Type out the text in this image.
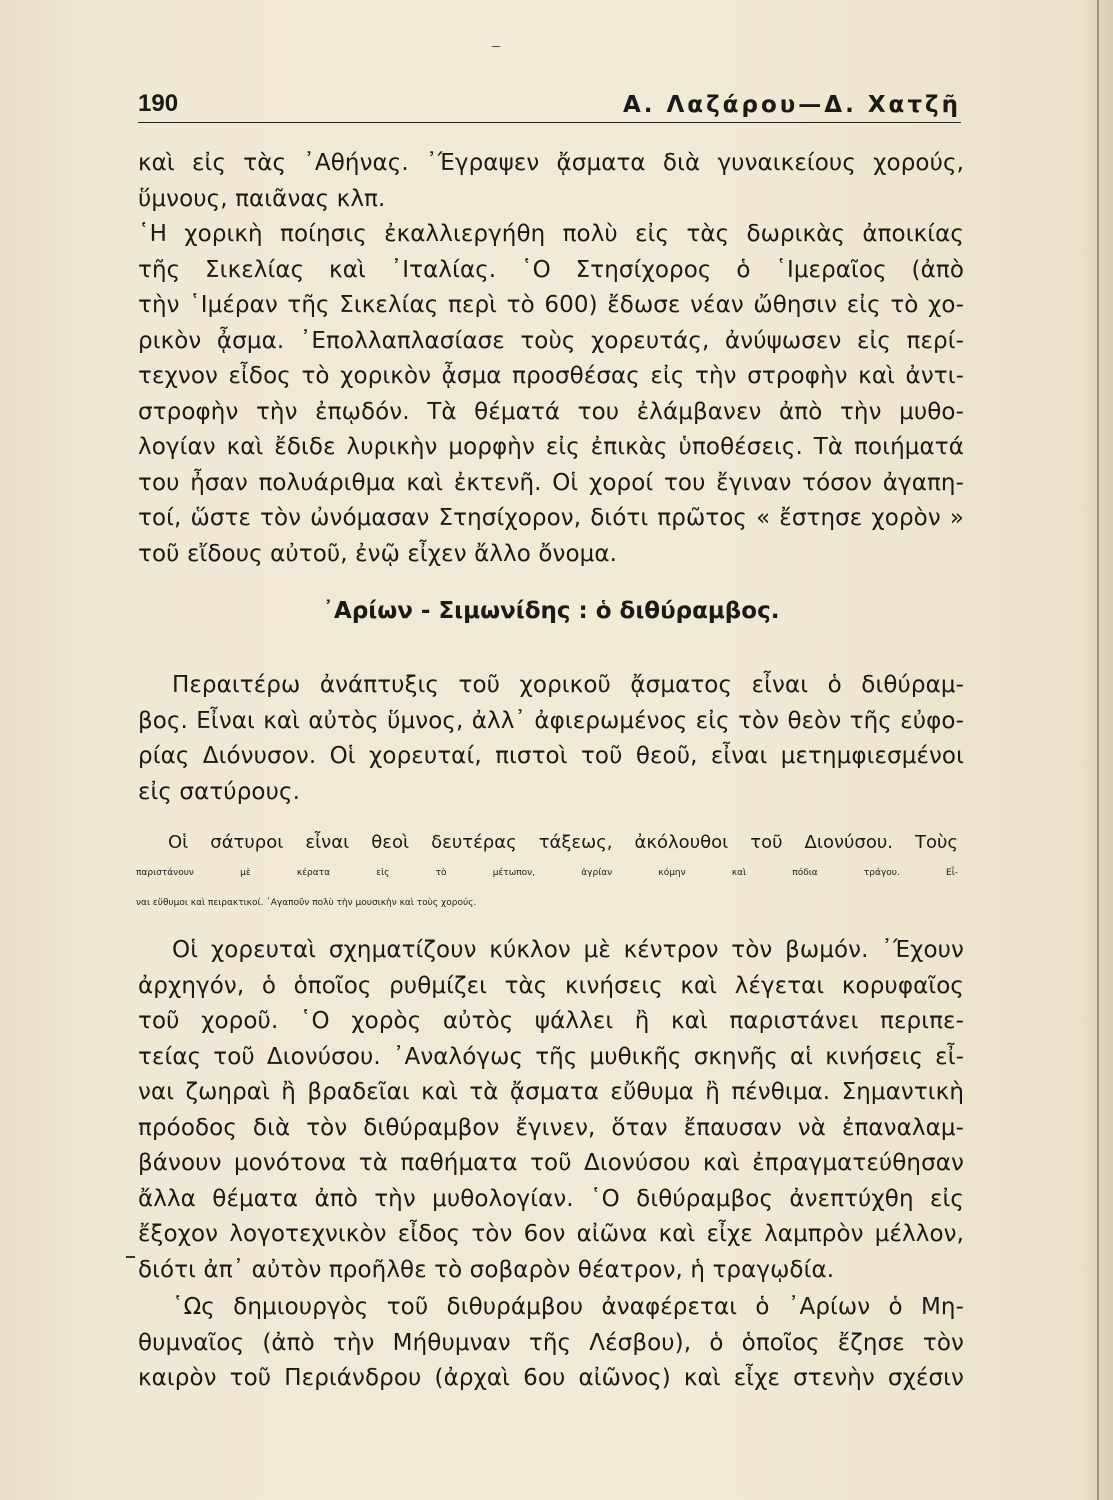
190	Α. Λαζάρου—Δ. Χατζῆ
καὶ εἰς τὰς ᾽Αθήνας. ᾽Έγραψεν ᾄσματα διὰ γυναικείους χορούς,
ὕμνους, παιᾶνας κλπ.
῾Η χορικὴ ποίησις ἐκαλλιεργήθη πολὺ εἰς τὰς δωρικὰς ἀποικίας
τῆς Σικελίας καὶ ᾽Ιταλίας. ῾Ο Στησίχορος ὁ ῾Ιμεραῖος (ἀπὸ
τὴν ῾Ιμέραν τῆς Σικελίας περὶ τὸ 600) ἔδωσε νέαν ὤθησιν εἰς τὸ χο-
ρικὸν ᾆσμα. ᾽Επολλαπλασίασε τοὺς χορευτάς, ἀνύψωσεν εἰς περί-
τεχνον εἶδος τὸ χορικὸν ᾆσμα προσθέσας εἰς τὴν στροφὴν καὶ ἀντι-
στροφὴν τὴν ἐπῳδόν. Τὰ θέματά του ἐλάμβανεν ἀπὸ τὴν μυθο-
λογίαν καὶ ἔδιδε λυρικὴν μορφὴν εἰς ἐπικὰς ὑποθέσεις. Τὰ ποιήματά
του ἦσαν πολυάριθμα καὶ ἐκτενῆ. Οἱ χοροί του ἔγιναν τόσον ἀγαπη-
τοί, ὥστε τὸν ὠνόμασαν Στησίχορον, διότι πρῶτος « ἔστησε χορὸν »
τοῦ εἴδους αὐτοῦ, ἐνῷ εἶχεν ἄλλο ὄνομα.
᾽Αρίων - Σιμωνίδης : ὁ διθύραμβος.
Περαιτέρω ἀνάπτυξις τοῦ χορικοῦ ᾄσματος εἶναι ὁ διθύραμ-
βος. Εἶναι καὶ αὐτὸς ὕμνος, ἀλλ᾽ ἀφιερωμένος εἰς τὸν θεὸν τῆς εὐφο-
ρίας Διόνυσον. Οἱ χορευταί, πιστοὶ τοῦ θεοῦ, εἶναι μετημφιεσμένοι
εἰς σατύρους.
Οἱ σάτυροι εἶναι θεοὶ δευτέρας τάξεως, ἀκόλουθοι τοῦ Διονύσου. Τοὺς
παριστάνουν μὲ κέρατα εἰς τὸ μέτωπον, ἀγρίαν κόμην καὶ πόδια τράγου. Εἶ-
ναι εὔθυμοι καὶ πειρακτικοί. ᾽Αγαποῦν πολὺ τὴν μουσικὴν καὶ τοὺς χορούς.
Οἱ χορευταὶ σχηματίζουν κύκλον μὲ κέντρον τὸν βωμόν. ᾽Έχουν
ἀρχηγόν, ὁ ὁποῖος ρυθμίζει τὰς κινήσεις καὶ λέγεται κορυφαῖος
τοῦ χοροῦ. ῾Ο χορὸς αὐτὸς ψάλλει ἢ καὶ παριστάνει περιπε-
τείας τοῦ Διονύσου. ᾽Αναλόγως τῆς μυθικῆς σκηνῆς αἱ κινήσεις εἶ-
ναι ζωηραὶ ἢ βραδεῖαι καὶ τὰ ᾄσματα εὔθυμα ἢ πένθιμα. Σημαντικὴ
πρόοδος διὰ τὸν διθύραμβον ἔγινεν, ὅταν ἔπαυσαν νὰ ἐπαναλαμ-
βάνουν μονότονα τὰ παθήματα τοῦ Διονύσου καὶ ἐπραγματεύθησαν
ἄλλα θέματα ἀπὸ τὴν μυθολογίαν. ῾Ο διθύραμβος ἀνεπτύχθη εἰς
ἔξοχον λογοτεχνικὸν εἶδος τὸν 6ον αἰῶνα καὶ εἶχε λαμπρὸν μέλλον,
διότι ἀπ᾽ αὐτὸν προῆλθε τὸ σοβαρὸν θέατρον, ἡ τραγῳδία.
῾Ως δημιουργὸς τοῦ διθυράμβου ἀναφέρεται ὁ ᾽Αρίων ὁ Μη-
θυμναῖος (ἀπὸ τὴν Μήθυμναν τῆς Λέσβου), ὁ ὁποῖος ἔζησε τὸν
καιρὸν τοῦ Περιάνδρου (ἀρχαὶ 6ου αἰῶνος) καὶ εἶχε στενὴν σχέσιν
